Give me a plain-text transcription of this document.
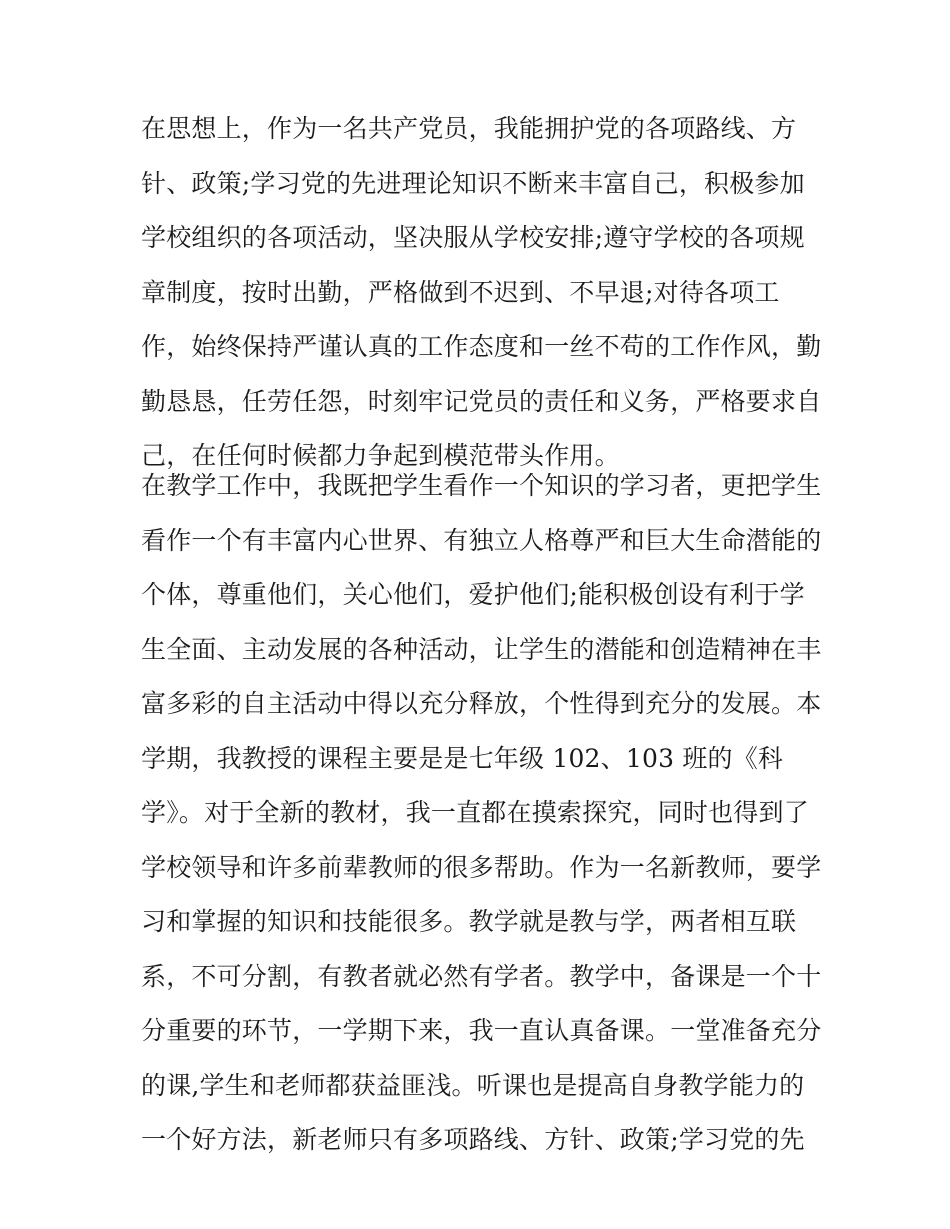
在思想上，作为一名共产党员，我能拥护党的各项路线、方
针、政策;学习党的先进理论知识不断来丰富自己，积极参加
学校组织的各项活动，坚决服从学校安排;遵守学校的各项规
章制度，按时出勤，严格做到不迟到、不早退;对待各项工
作，始终保持严谨认真的工作态度和一丝不苟的工作作风，勤
勤恳恳，任劳任怨，时刻牢记党员的责任和义务，严格要求自
己，在任何时候都力争起到模范带头作用。
在教学工作中，我既把学生看作一个知识的学习者，更把学生
看作一个有丰富内心世界、有独立人格尊严和巨大生命潜能的
个体，尊重他们，关心他们，爱护他们;能积极创设有利于学
生全面、主动发展的各种活动，让学生的潜能和创造精神在丰
富多彩的自主活动中得以充分释放，个性得到充分的发展。本
学期，我教授的课程主要是是七年级 102、103 班的《科
学》。对于全新的教材，我一直都在摸索探究，同时也得到了
学校领导和许多前辈教师的很多帮助。作为一名新教师，要学
习和掌握的知识和技能很多。教学就是教与学，两者相互联
系，不可分割，有教者就必然有学者。教学中，备课是一个十
分重要的环节，一学期下来，我一直认真备课。一堂准备充分
的课,学生和老师都获益匪浅。听课也是提高自身教学能力的
一个好方法，新老师只有多项路线、方针、政策;学习党的先
